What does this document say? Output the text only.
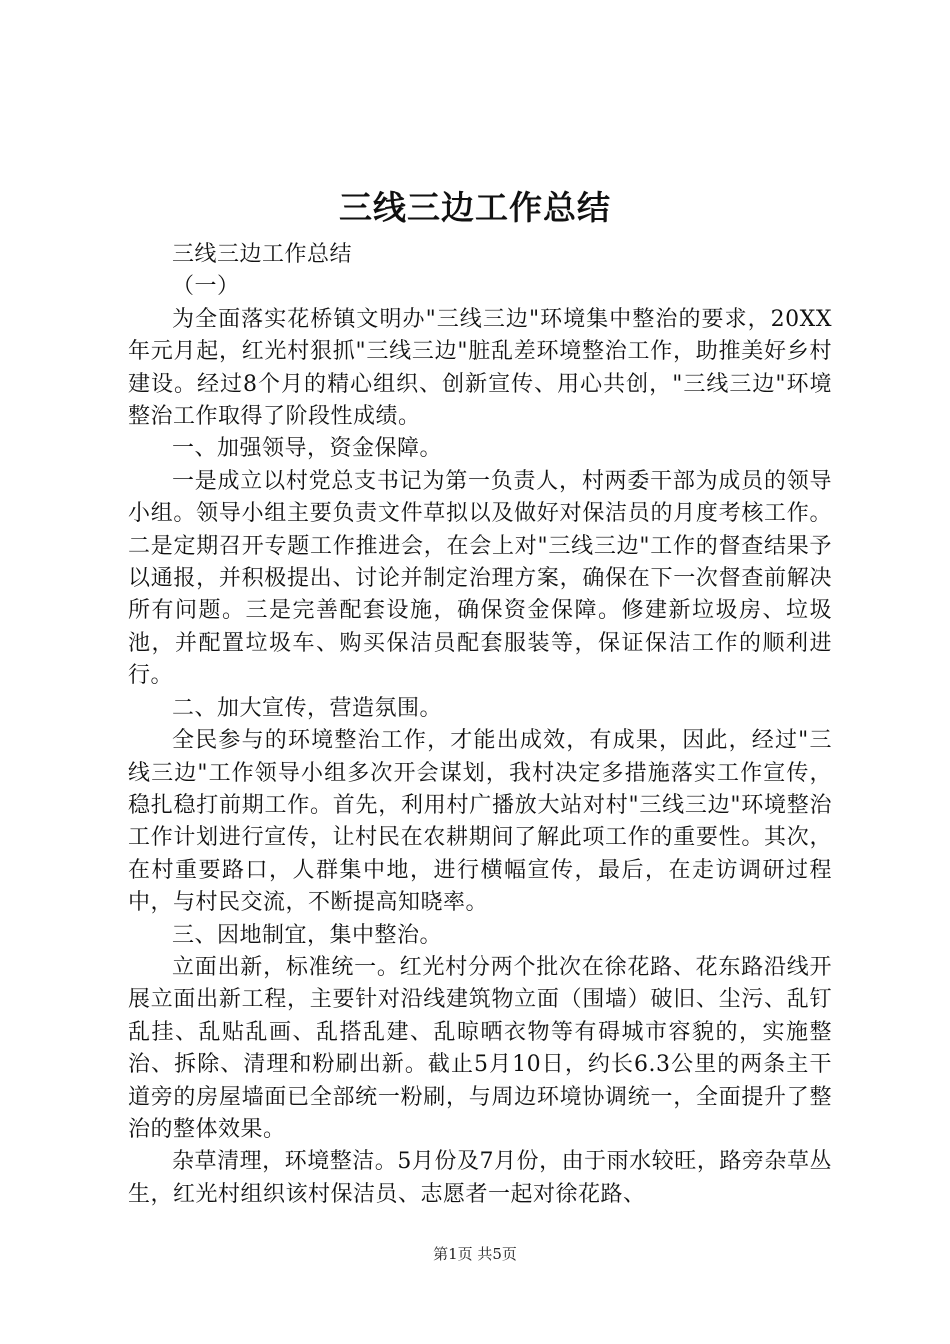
三线三边工作总结

三线三边工作总结

（一）

为全面落实花桥镇文明办"三线三边"环境集中整治的要求，20XX年元月起，红光村狠抓"三线三边"脏乱差环境整治工作，助推美好乡村建设。经过8个月的精心组织、创新宣传、用心共创，"三线三边"环境整治工作取得了阶段性成绩。

一、加强领导，资金保障。

一是成立以村党总支书记为第一负责人，村两委干部为成员的领导小组。领导小组主要负责文件草拟以及做好对保洁员的月度考核工作。二是定期召开专题工作推进会，在会上对"三线三边"工作的督查结果予以通报，并积极提出、讨论并制定治理方案，确保在下一次督查前解决所有问题。三是完善配套设施，确保资金保障。修建新垃圾房、垃圾池，并配置垃圾车、购买保洁员配套服装等，保证保洁工作的顺利进行。

二、加大宣传，营造氛围。

全民参与的环境整治工作，才能出成效，有成果，因此，经过"三线三边"工作领导小组多次开会谋划，我村决定多措施落实工作宣传，稳扎稳打前期工作。首先，利用村广播放大站对村"三线三边"环境整治工作计划进行宣传，让村民在农耕期间了解此项工作的重要性。其次，在村重要路口，人群集中地，进行横幅宣传，最后，在走访调研过程中，与村民交流，不断提高知晓率。

三、因地制宜，集中整治。

立面出新，标准统一。红光村分两个批次在徐花路、花东路沿线开展立面出新工程，主要针对沿线建筑物立面（围墙）破旧、尘污、乱钉乱挂、乱贴乱画、乱搭乱建、乱晾晒衣物等有碍城市容貌的，实施整治、拆除、清理和粉刷出新。截止5月10日，约长6.3公里的两条主干道旁的房屋墙面已全部统一粉刷，与周边环境协调统一，全面提升了整治的整体效果。

杂草清理，环境整洁。5月份及7月份，由于雨水较旺，路旁杂草丛生，红光村组织该村保洁员、志愿者一起对徐花路、

第1页 共5页
